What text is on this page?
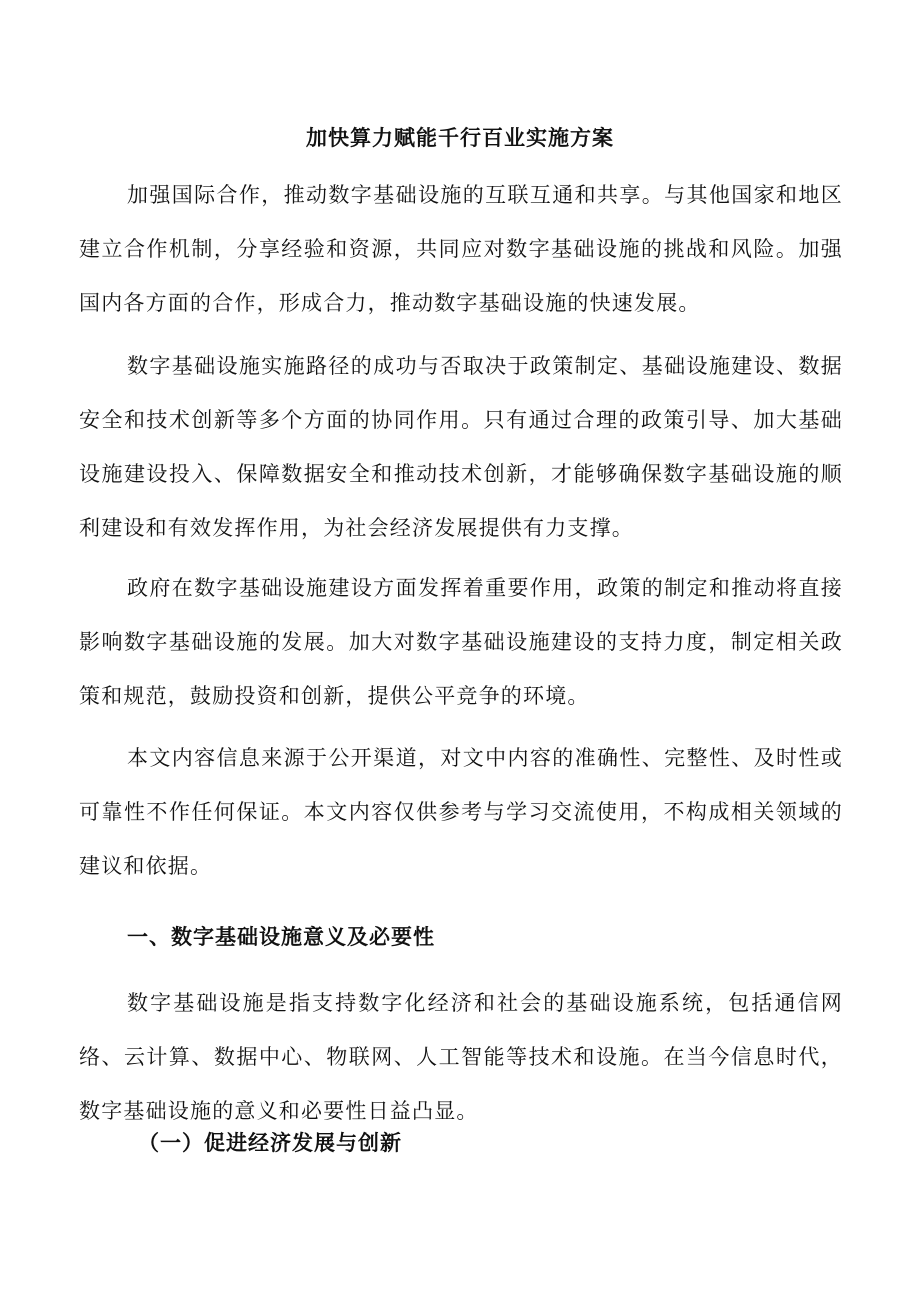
加快算力赋能千行百业实施方案

加强国际合作，推动数字基础设施的互联互通和共享。与其他国家和地区建立合作机制，分享经验和资源，共同应对数字基础设施的挑战和风险。加强国内各方面的合作，形成合力，推动数字基础设施的快速发展。

数字基础设施实施路径的成功与否取决于政策制定、基础设施建设、数据安全和技术创新等多个方面的协同作用。只有通过合理的政策引导、加大基础设施建设投入、保障数据安全和推动技术创新，才能够确保数字基础设施的顺利建设和有效发挥作用，为社会经济发展提供有力支撑。

政府在数字基础设施建设方面发挥着重要作用，政策的制定和推动将直接影响数字基础设施的发展。加大对数字基础设施建设的支持力度，制定相关政策和规范，鼓励投资和创新，提供公平竞争的环境。

本文内容信息来源于公开渠道，对文中内容的准确性、完整性、及时性或可靠性不作任何保证。本文内容仅供参考与学习交流使用，不构成相关领域的建议和依据。

一、数字基础设施意义及必要性

数字基础设施是指支持数字化经济和社会的基础设施系统，包括通信网络、云计算、数据中心、物联网、人工智能等技术和设施。在当今信息时代，数字基础设施的意义和必要性日益凸显。

（一）促进经济发展与创新
